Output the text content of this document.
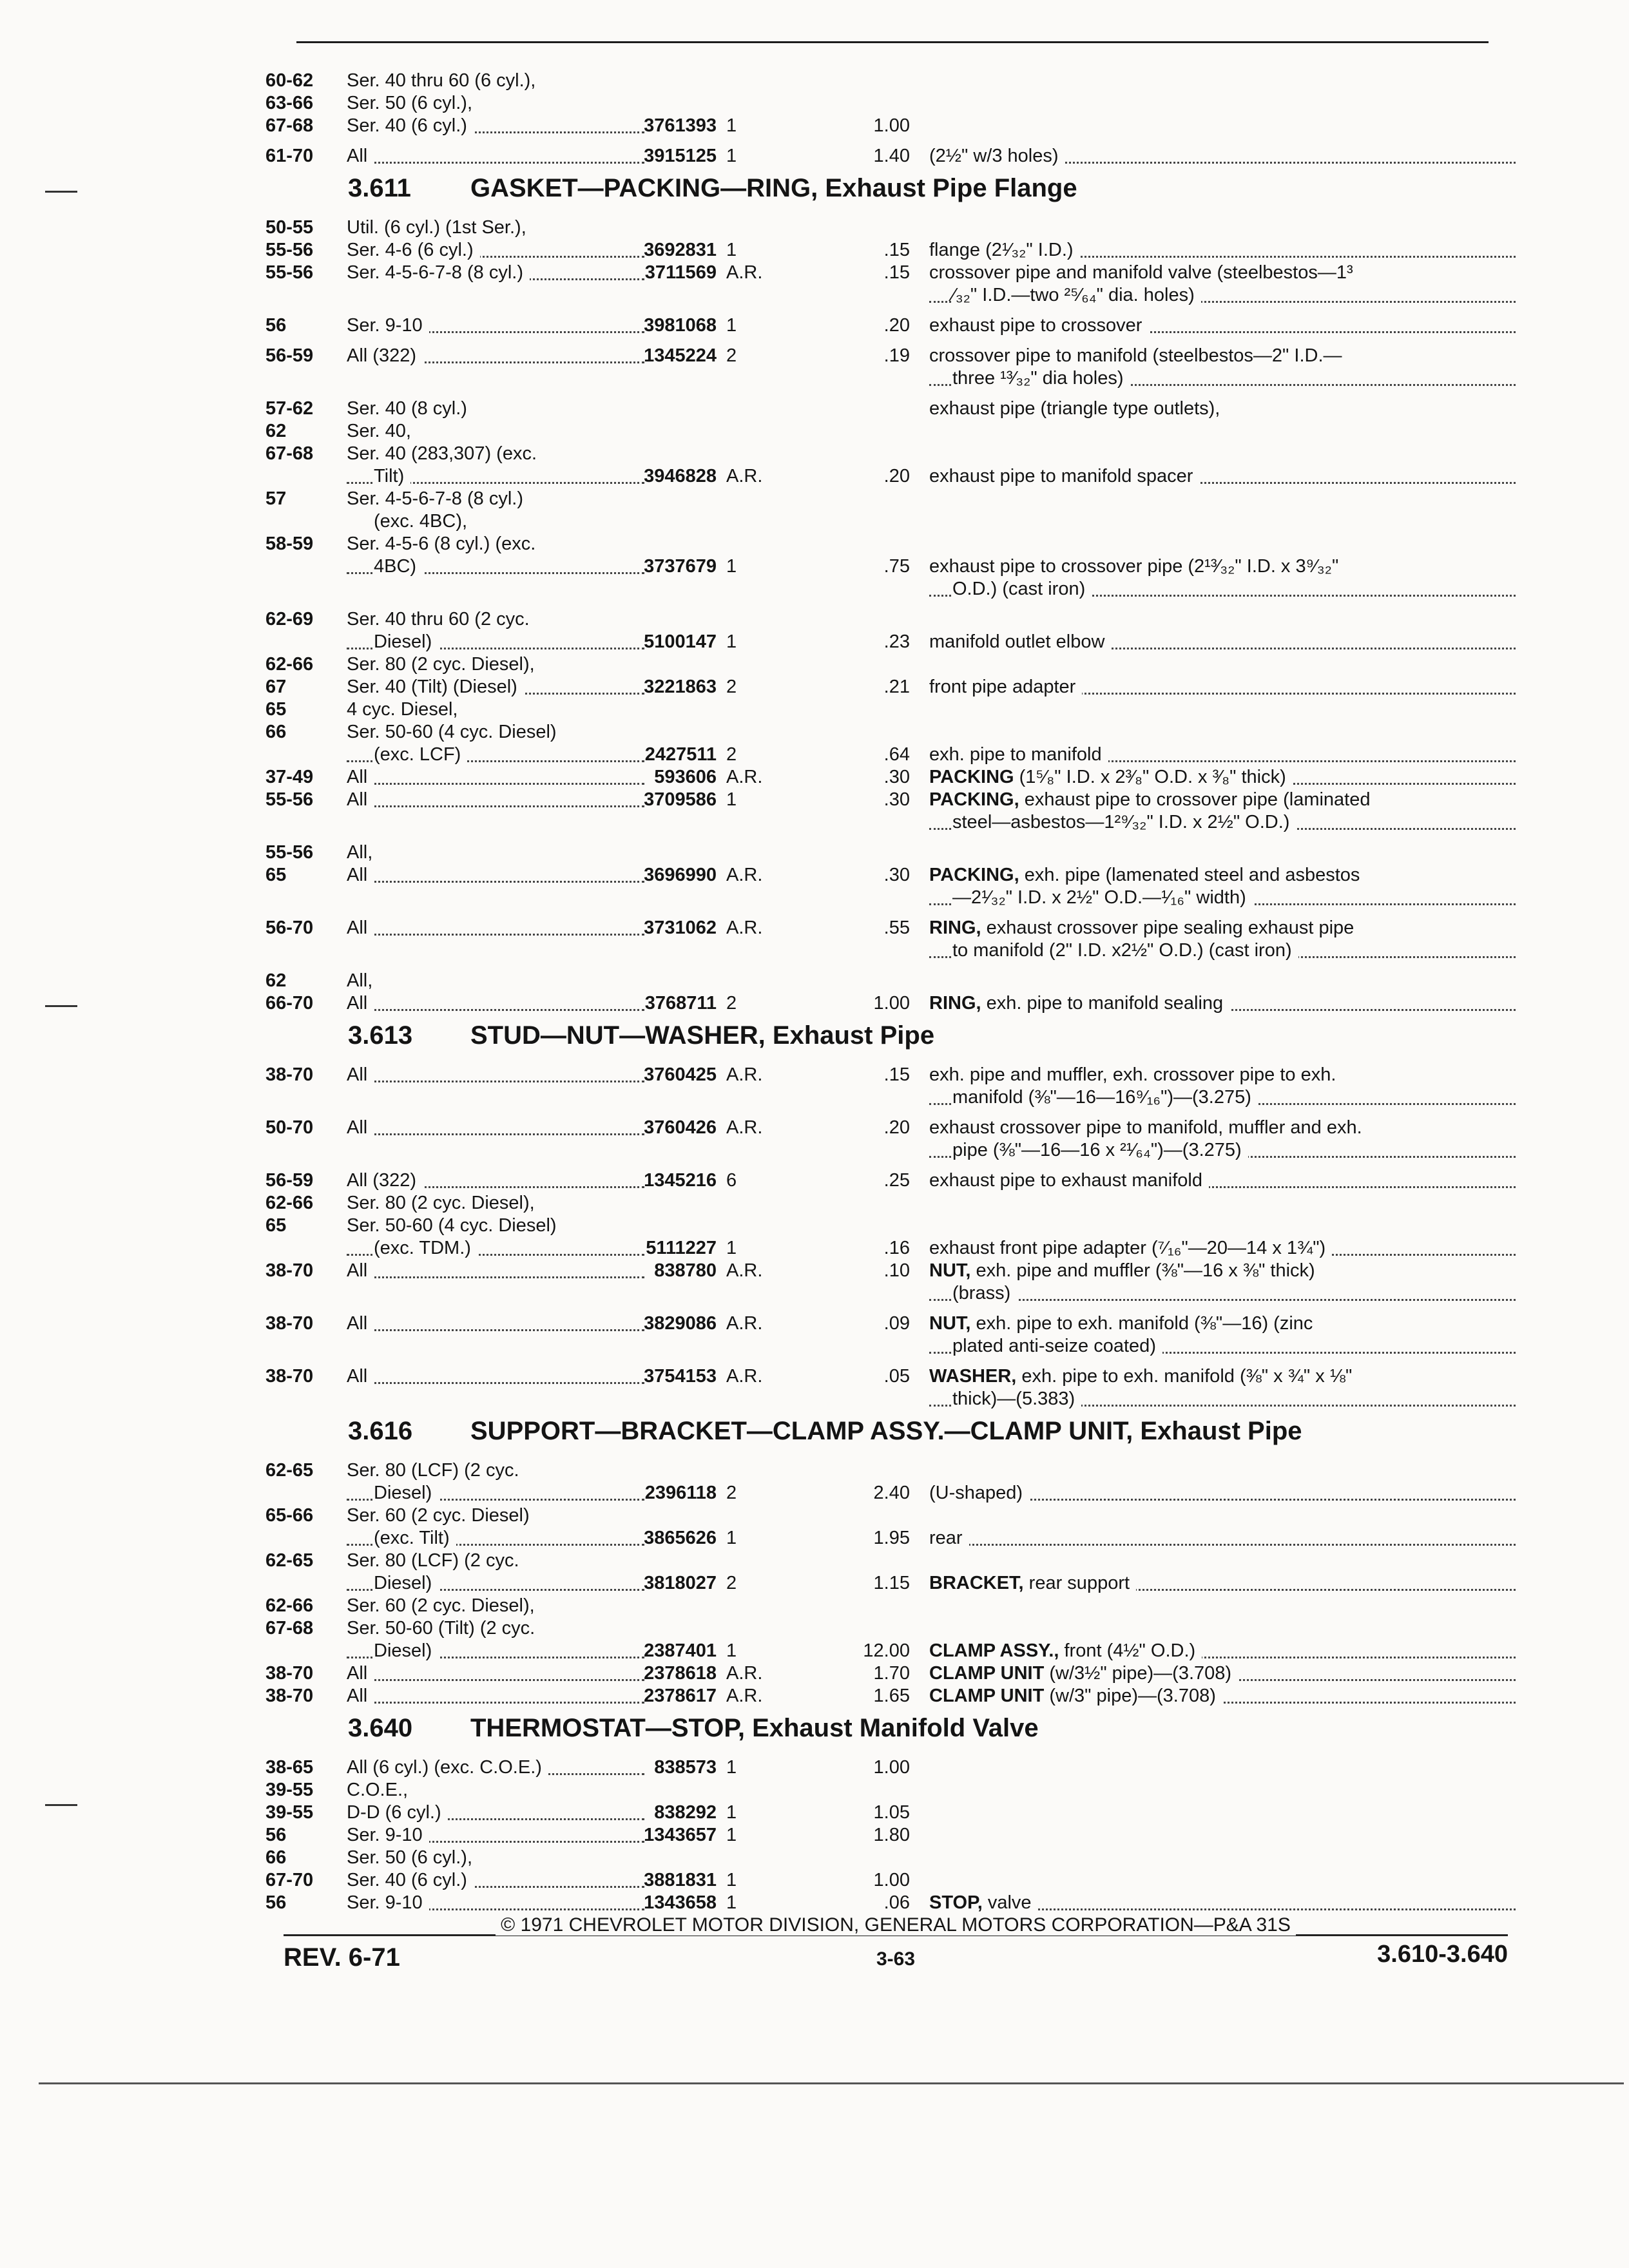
60-62	Ser. 40 thru 60 (6 cyl.),
63-66	Ser. 50 (6 cyl.),
67-68	Ser. 40 (6 cyl.)	3761393 1	1.00
61-70	All	3915125 1	1.40 (2½" w/3 holes)
3.611 GASKET—PACKING—RING, Exhaust Pipe Flange
50-55	Util. (6 cyl.) (1st Ser.),
55-56	Ser. 4-6 (6 cyl.)	3692831 1	.15 flange (2¹⁄₃₂" I.D.)
55-56	Ser. 4-5-6-7-8 (8 cyl.)	3711569 A.R.	.15 crossover pipe and manifold valve (steelbestos—1³
⁄₃₂" I.D.—two ²⁵⁄₆₄" dia. holes)
56	Ser. 9-10	3981068 1	.20 exhaust pipe to crossover
56-59	All (322)	1345224 2	.19 crossover pipe to manifold (steelbestos—2" I.D.—
three ¹³⁄₃₂" dia holes)
57-62	Ser. 40 (8 cyl.)	exhaust pipe (triangle type outlets),
62	Ser. 40,
67-68	Ser. 40 (283,307) (exc.
Tilt)	3946828 A.R.	.20 exhaust pipe to manifold spacer
57	Ser. 4-5-6-7-8 (8 cyl.)
(exc. 4BC),
58-59	Ser. 4-5-6 (8 cyl.) (exc.
4BC)	3737679 1	.75 exhaust pipe to crossover pipe (2¹³⁄₃₂" I.D. x 3⁹⁄₃₂"
O.D.) (cast iron)
62-69	Ser. 40 thru 60 (2 cyc.
Diesel)	5100147 1	.23 manifold outlet elbow
62-66	Ser. 80 (2 cyc. Diesel),
67	Ser. 40 (Tilt) (Diesel)	3221863 2	.21 front pipe adapter
65	4 cyc. Diesel,
66	Ser. 50-60 (4 cyc. Diesel)
(exc. LCF)	2427511 2	.64 exh. pipe to manifold
37-49	All	593606 A.R.	.30 PACKING (1⁵⁄₈" I.D. x 2³⁄₈" O.D. x ³⁄₈" thick)
55-56	All	3709586 1	.30 PACKING, exhaust pipe to crossover pipe (laminated
steel—asbestos—1²⁹⁄₃₂" I.D. x 2½" O.D.)
55-56	All,
65	All	3696990 A.R.	.30 PACKING, exh. pipe (lamenated steel and asbestos
—2¹⁄₃₂" I.D. x 2½" O.D.—¹⁄₁₆" width)
56-70	All	3731062 A.R.	.55 RING, exhaust crossover pipe sealing exhaust pipe
to manifold (2" I.D. x2½" O.D.) (cast iron)
62	All,
66-70	All	3768711 2	1.00 RING, exh. pipe to manifold sealing
3.613 STUD—NUT—WASHER, Exhaust Pipe
38-70	All	3760425 A.R.	.15 exh. pipe and muffler, exh. crossover pipe to exh.
manifold (⅜"—16—16⁹⁄₁₆")—(3.275)
50-70	All	3760426 A.R.	.20 exhaust crossover pipe to manifold, muffler and exh.
pipe (⅜"—16—16 x ²¹⁄₆₄")—(3.275)
56-59	All (322)	1345216 6	.25 exhaust pipe to exhaust manifold
62-66	Ser. 80 (2 cyc. Diesel),
65	Ser. 50-60 (4 cyc. Diesel)
(exc. TDM.)	5111227 1	.16 exhaust front pipe adapter (⁷⁄₁₆"—20—14 x 1¾")
38-70	All	838780 A.R.	.10 NUT, exh. pipe and muffler (⅜"—16 x ⅜" thick)
(brass)
38-70	All	3829086 A.R.	.09 NUT, exh. pipe to exh. manifold (⅜"—16) (zinc
plated anti-seize coated)
38-70	All	3754153 A.R.	.05 WASHER, exh. pipe to exh. manifold (⅜" x ¾" x ⅛"
thick)—(5.383)
3.616 SUPPORT—BRACKET—CLAMP ASSY.—CLAMP UNIT, Exhaust Pipe
62-65	Ser. 80 (LCF) (2 cyc.
Diesel)	2396118 2	2.40 (U-shaped)
65-66	Ser. 60 (2 cyc. Diesel)
(exc. Tilt)	3865626 1	1.95 rear
62-65	Ser. 80 (LCF) (2 cyc.
Diesel)	3818027 2	1.15 BRACKET, rear support
62-66	Ser. 60 (2 cyc. Diesel),
67-68	Ser. 50-60 (Tilt) (2 cyc.
Diesel)	2387401 1	12.00 CLAMP ASSY., front (4½" O.D.)
38-70	All	2378618 A.R.	1.70 CLAMP UNIT (w/3½" pipe)—(3.708)
38-70	All	2378617 A.R.	1.65 CLAMP UNIT (w/3" pipe)—(3.708)
3.640 THERMOSTAT—STOP, Exhaust Manifold Valve
38-65	All (6 cyl.) (exc. C.O.E.)	838573 1	1.00
39-55	C.O.E.,
39-55	D-D (6 cyl.)	838292 1	1.05
56	Ser. 9-10	1343657 1	1.80
66	Ser. 50 (6 cyl.),
67-70	Ser. 40 (6 cyl.)	3881831 1	1.00
56	Ser. 9-10	1343658 1	.06 STOP, valve
© 1971 CHEVROLET MOTOR DIVISION, GENERAL MOTORS CORPORATION—P&A 31S
REV. 6-71	3-63	3.610-3.640
